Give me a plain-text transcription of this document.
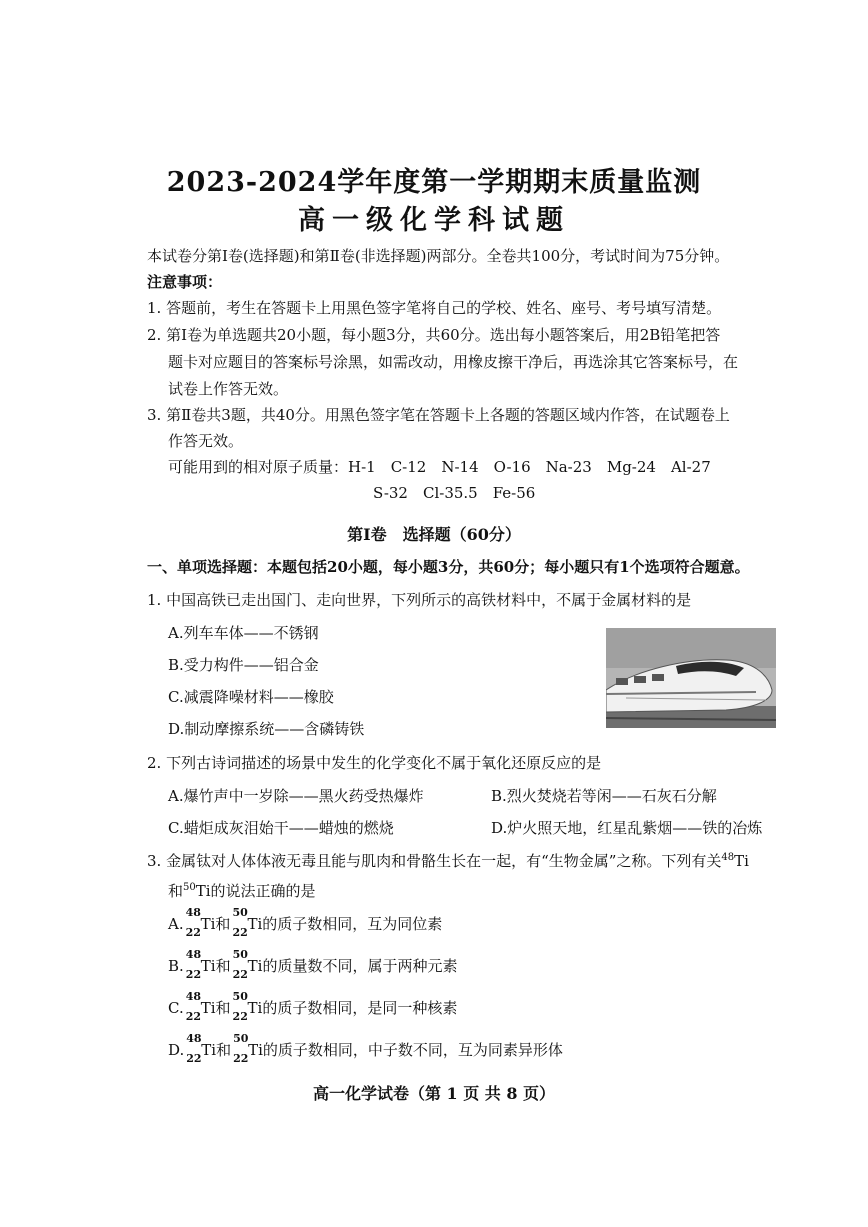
2023-2024学年度第一学期期末质量监测
高一级化学科试题
本试卷分第Ⅰ卷(选择题)和第Ⅱ卷(非选择题)两部分。全卷共100分，考试时间为75分钟。
注意事项：
1. 答题前，考生在答题卡上用黑色签字笔将自己的学校、姓名、座号、考号填写清楚。
2. 第Ⅰ卷为单选题共20小题，每小题3分，共60分。选出每小题答案后，用2B铅笔把答
题卡对应题目的答案标号涂黑，如需改动，用橡皮擦干净后，再选涂其它答案标号，在
试卷上作答无效。
3. 第Ⅱ卷共3题，共40分。用黑色签字笔在答题卡上各题的答题区域内作答，在试题卷上
作答无效。
可能用到的相对原子质量：H-1　C-12　N-14　O-16　Na-23　Mg-24　Al-27
S-32　Cl-35.5　Fe-56
第Ⅰ卷 选择题（60分）
一、单项选择题：本题包括20小题，每小题3分，共60分；每小题只有1个选项符合题意。
1. 中国高铁已走出国门、走向世界，下列所示的高铁材料中，不属于金属材料的是
A.列车车体——不锈钢
B.受力构件——铝合金
C.减震降噪材料——橡胶
D.制动摩擦系统——含磷铸铁
2. 下列古诗词描述的场景中发生的化学变化不属于氧化还原反应的是
A.爆竹声中一岁除——黑火药受热爆炸	B.烈火焚烧若等闲——石灰石分解
C.蜡炬成灰泪始干——蜡烛的燃烧	D.炉火照天地，红星乱紫烟——铁的冶炼
3. 金属钛对人体体液无毒且能与肌肉和骨骼生长在一起，有“生物金属”之称。下列有关$^{48}$Ti
和$^{50}$Ti的说法正确的是
A.
48
22 Ti和
50
22 Ti的质子数相同，互为同位素
B.
48
22 Ti和
50
22 Ti的质量数不同，属于两种元素
C.
48
22 Ti和
50
22 Ti的质子数相同，是同一种核素
D.
48
22 Ti和
50
22 Ti的质子数相同，中子数不同，互为同素异形体
高一化学试卷（第 1 页 共 8 页）
